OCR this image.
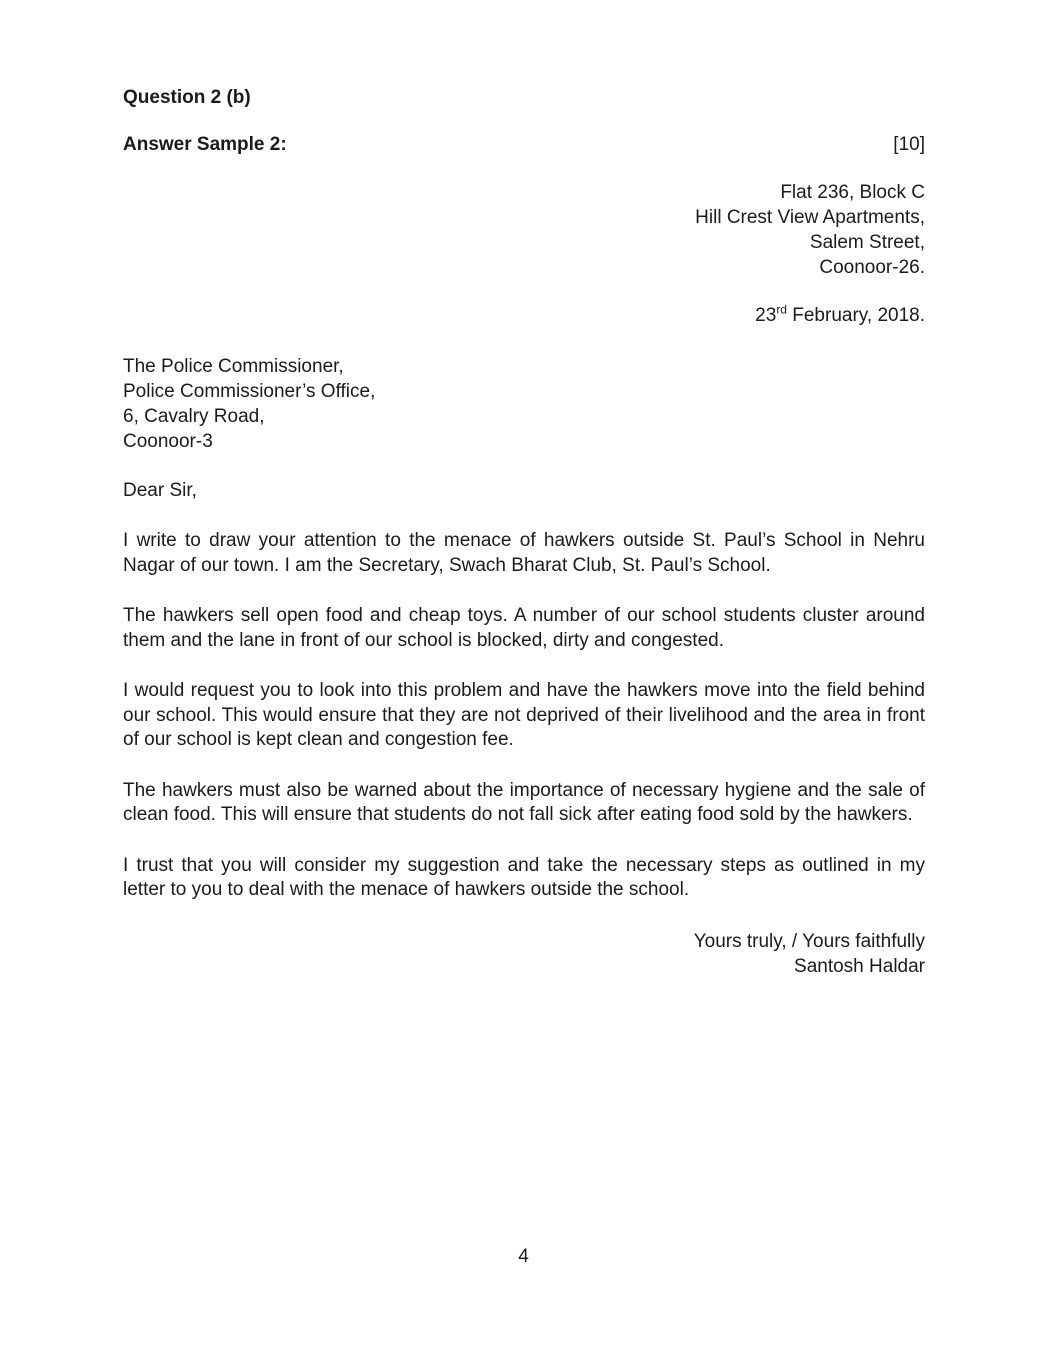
Question 2 (b)
Answer Sample 2:	[10]
Flat 236, Block C
Hill Crest View Apartments,
Salem Street,
Coonoor-26.
23rd February, 2018.
The Police Commissioner,
Police Commissioner’s Office,
6, Cavalry Road,
Coonoor-3
Dear Sir,

I write to draw your attention to the menace of hawkers outside St. Paul’s School in Nehru Nagar of our town. I am the Secretary, Swach Bharat Club, St. Paul’s School.

The hawkers sell open food and cheap toys. A number of our school students cluster around them and the lane in front of our school is blocked, dirty and congested.

I would request you to look into this problem and have the hawkers move into the field behind our school. This would ensure that they are not deprived of their livelihood and the area in front of our school is kept clean and congestion fee.

The hawkers must also be warned about the importance of necessary hygiene and the sale of clean food. This will ensure that students do not fall sick after eating food sold by the hawkers.

I trust that you will consider my suggestion and take the necessary steps as outlined in my letter to you to deal with the menace of hawkers outside the school.

Yours truly, / Yours faithfully
Santosh Haldar
4
